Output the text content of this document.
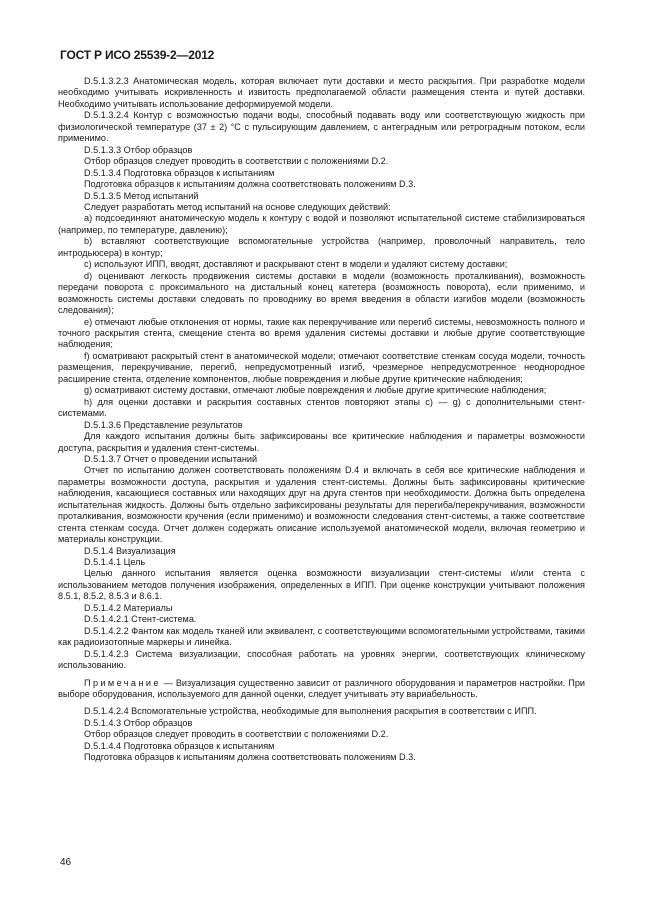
ГОСТ Р ИСО 25539-2—2012

D.5.1.3.2.3 Анатомическая модель, которая включает пути доставки и место раскрытия. При разработке модели необходимо учитывать искривленность и извитость предполагаемой области размещения стента и путей доставки. Необходимо учитывать использование деформируемой модели.

D.5.1.3.2.4 Контур с возможностью подачи воды, способный подавать воду или соответствующую жидкость при физиологической температуре (37 ± 2) °С с пульсирующим давлением, с антеградным или ретроградным потоком, если применимо.

D.5.1.3.3 Отбор образцов

Отбор образцов следует проводить в соответствии с положениями D.2.

D.5.1.3.4 Подготовка образцов к испытаниям

Подготовка образцов к испытаниям должна соответствовать положениям D.3.

D.5.1.3.5 Метод испытаний

Следует разработать метод испытаний на основе следующих действий:

а) подсоединяют анатомическую модель к контуру с водой и позволяют испытательной системе стабилизироваться (например, по температуре, давлению);

b) вставляют соответствующие вспомогательные устройства (например, проволочный направитель, тело интродьюсера) в контур;

с) используют ИПП, вводят, доставляют и раскрывают стент в модели и удаляют систему доставки;

d) оценивают легкость продвижения системы доставки в модели (возможность проталкивания), возможность передачи поворота с проксимального на дистальный конец катетера (возможность поворота), если применимо, и возможность системы доставки следовать по проводнику во время введения в области изгибов модели (возможность следования);

е) отмечают любые отклонения от нормы, такие как перекручивание или перегиб системы, невозможность полного и точного раскрытия стента, смещение стента во время удаления системы доставки и любые другие соответствующие наблюдения;

f) осматривают раскрытый стент в анатомической модели; отмечают соответствие стенкам сосуда модели, точность размещения, перекручивание, перегиб, непредусмотренный изгиб, чрезмерное непредусмотренное неоднородное расширение стента, отделение компонентов, любые повреждения и любые другие критические наблюдения;

g) осматривают систему доставки, отмечают любые повреждения и любые другие критические наблюдения;

h) для оценки доставки и раскрытия составных стентов повторяют этапы с) — g) с дополнительными стент-системами.

D.5.1.3.6 Представление результатов

Для каждого испытания должны быть зафиксированы все критические наблюдения и параметры возможности доступа, раскрытия и удаления стент-системы.

D.5.1.3.7 Отчет о проведении испытаний

Отчет по испытанию должен соответствовать положениям D.4 и включать в себя все критические наблюдения и параметры возможности доступа, раскрытия и удаления стент-системы. Должны быть зафиксированы критические наблюдения, касающиеся составных или находящих друг на друга стентов при необходимости. Должна быть определена испытательная жидкость. Должны быть отдельно зафиксированы результаты для перегиба/перекручивания, возможности проталкивания, возможности кручения (если применимо) и возможности следования стент-системы, а также соответствие стента стенкам сосуда. Отчет должен содержать описание используемой анатомической модели, включая геометрию и материалы конструкции.

D.5.1.4 Визуализация

D.5.1.4.1 Цель

Целью данного испытания является оценка возможности визуализации стент-системы и/или стента с использованием методов получения изображения, определенных в ИПП. При оценке конструкции учитывают положения 8.5.1, 8.5.2, 8.5.3 и 8.6.1.

D.5.1.4.2 Материалы

D.5.1.4.2.1 Стент-система.

D.5.1.4.2.2 Фантом как модель тканей или эквивалент, с соответствующими вспомогательными устройствами, такими как радиоизотопные маркеры и линейка.

D.5.1.4.2.3 Система визуализации, способная работать на уровнях энергии, соответствующих клиническому использованию.

Примечание — Визуализация существенно зависит от различного оборудования и параметров настройки. При выборе оборудования, используемого для данной оценки, следует учитывать эту вариабельность.

D.5.1.4.2.4 Вспомогательные устройства, необходимые для выполнения раскрытия в соответствии с ИПП.

D.5.1.4.3 Отбор образцов

Отбор образцов следует проводить в соответствии с положениями D.2.

D.5.1.4.4 Подготовка образцов к испытаниям

Подготовка образцов к испытаниям должна соответствовать положениям D.3.

46
